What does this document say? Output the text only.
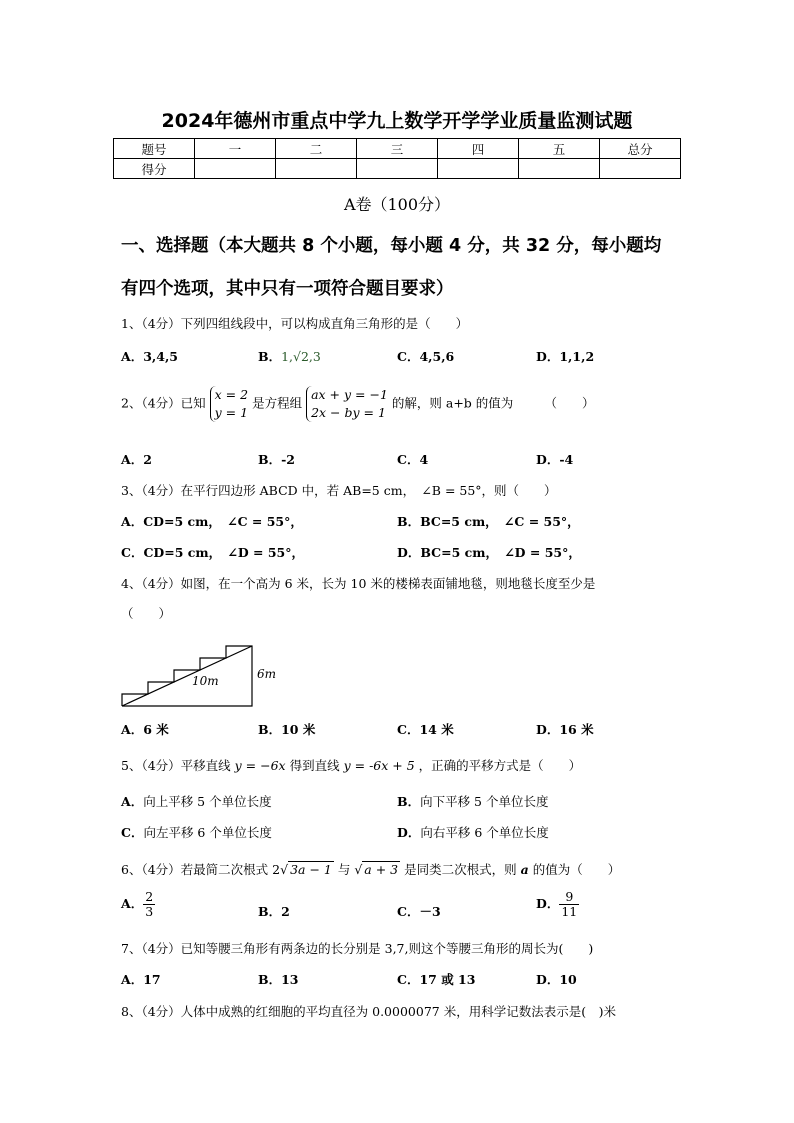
2024年德州市重点中学九上数学开学学业质量监测试题
题号	一	二	三	四	五	总分
得分						
A卷（100分）
一、选择题（本大题共 8 个小题，每小题 4 分，共 32 分，每小题均
有四个选项，其中只有一项符合题目要求）
1、（4分）下列四组线段中，可以构成直角三角形的是（　　）
A．3,4,5	B．1,√2,3	C．4,5,6	D．1,1,2
2、（4分）已知
x = 2
y = 1
是方程组
ax + y = −1
2x − by = 1
的解，则 a+b 的值为　　　（　　）
A．2	B．-2	C．4	D．-4
3、（4分）在平行四边形 ABCD 中，若 AB=5 cm，　∠B = 55°，则（　　）
A．CD=5 cm，　∠C = 55°，	B．BC=5 cm，　∠C = 55°，
C．CD=5 cm，　∠D = 55°，	D．BC=5 cm，　∠D = 55°，
4、（4分）如图，在一个高为 6 米，长为 10 米的楼梯表面铺地毯，则地毯长度至少是
（　　）
10m	6m
A．6 米	B．10 米	C．14 米	D．16 米
5、（4分）平移直线 y = −6x 得到直线 y = -6x + 5 ，正确的平移方式是（　　）
A．向上平移 5 个单位长度	B．向下平移 5 个单位长度
C．向左平移 6 个单位长度	D．向右平移 6 个单位长度
6、（4分）若最简二次根式 2√ 3a − 1 与 √ a + 3 是同类二次根式，则 a 的值为（　　）
A． $\frac{2}{3}$	B．2	C．－3
D． $\frac{9}{11}$
7、（4分）已知等腰三角形有两条边的长分别是 3,7,则这个等腰三角形的周长为(　　)
A．17	B．13	C．17 或 13	D．10
8、（4分）人体中成熟的红细胞的平均直径为 0.0000077 米，用科学记数法表示是(　)米
